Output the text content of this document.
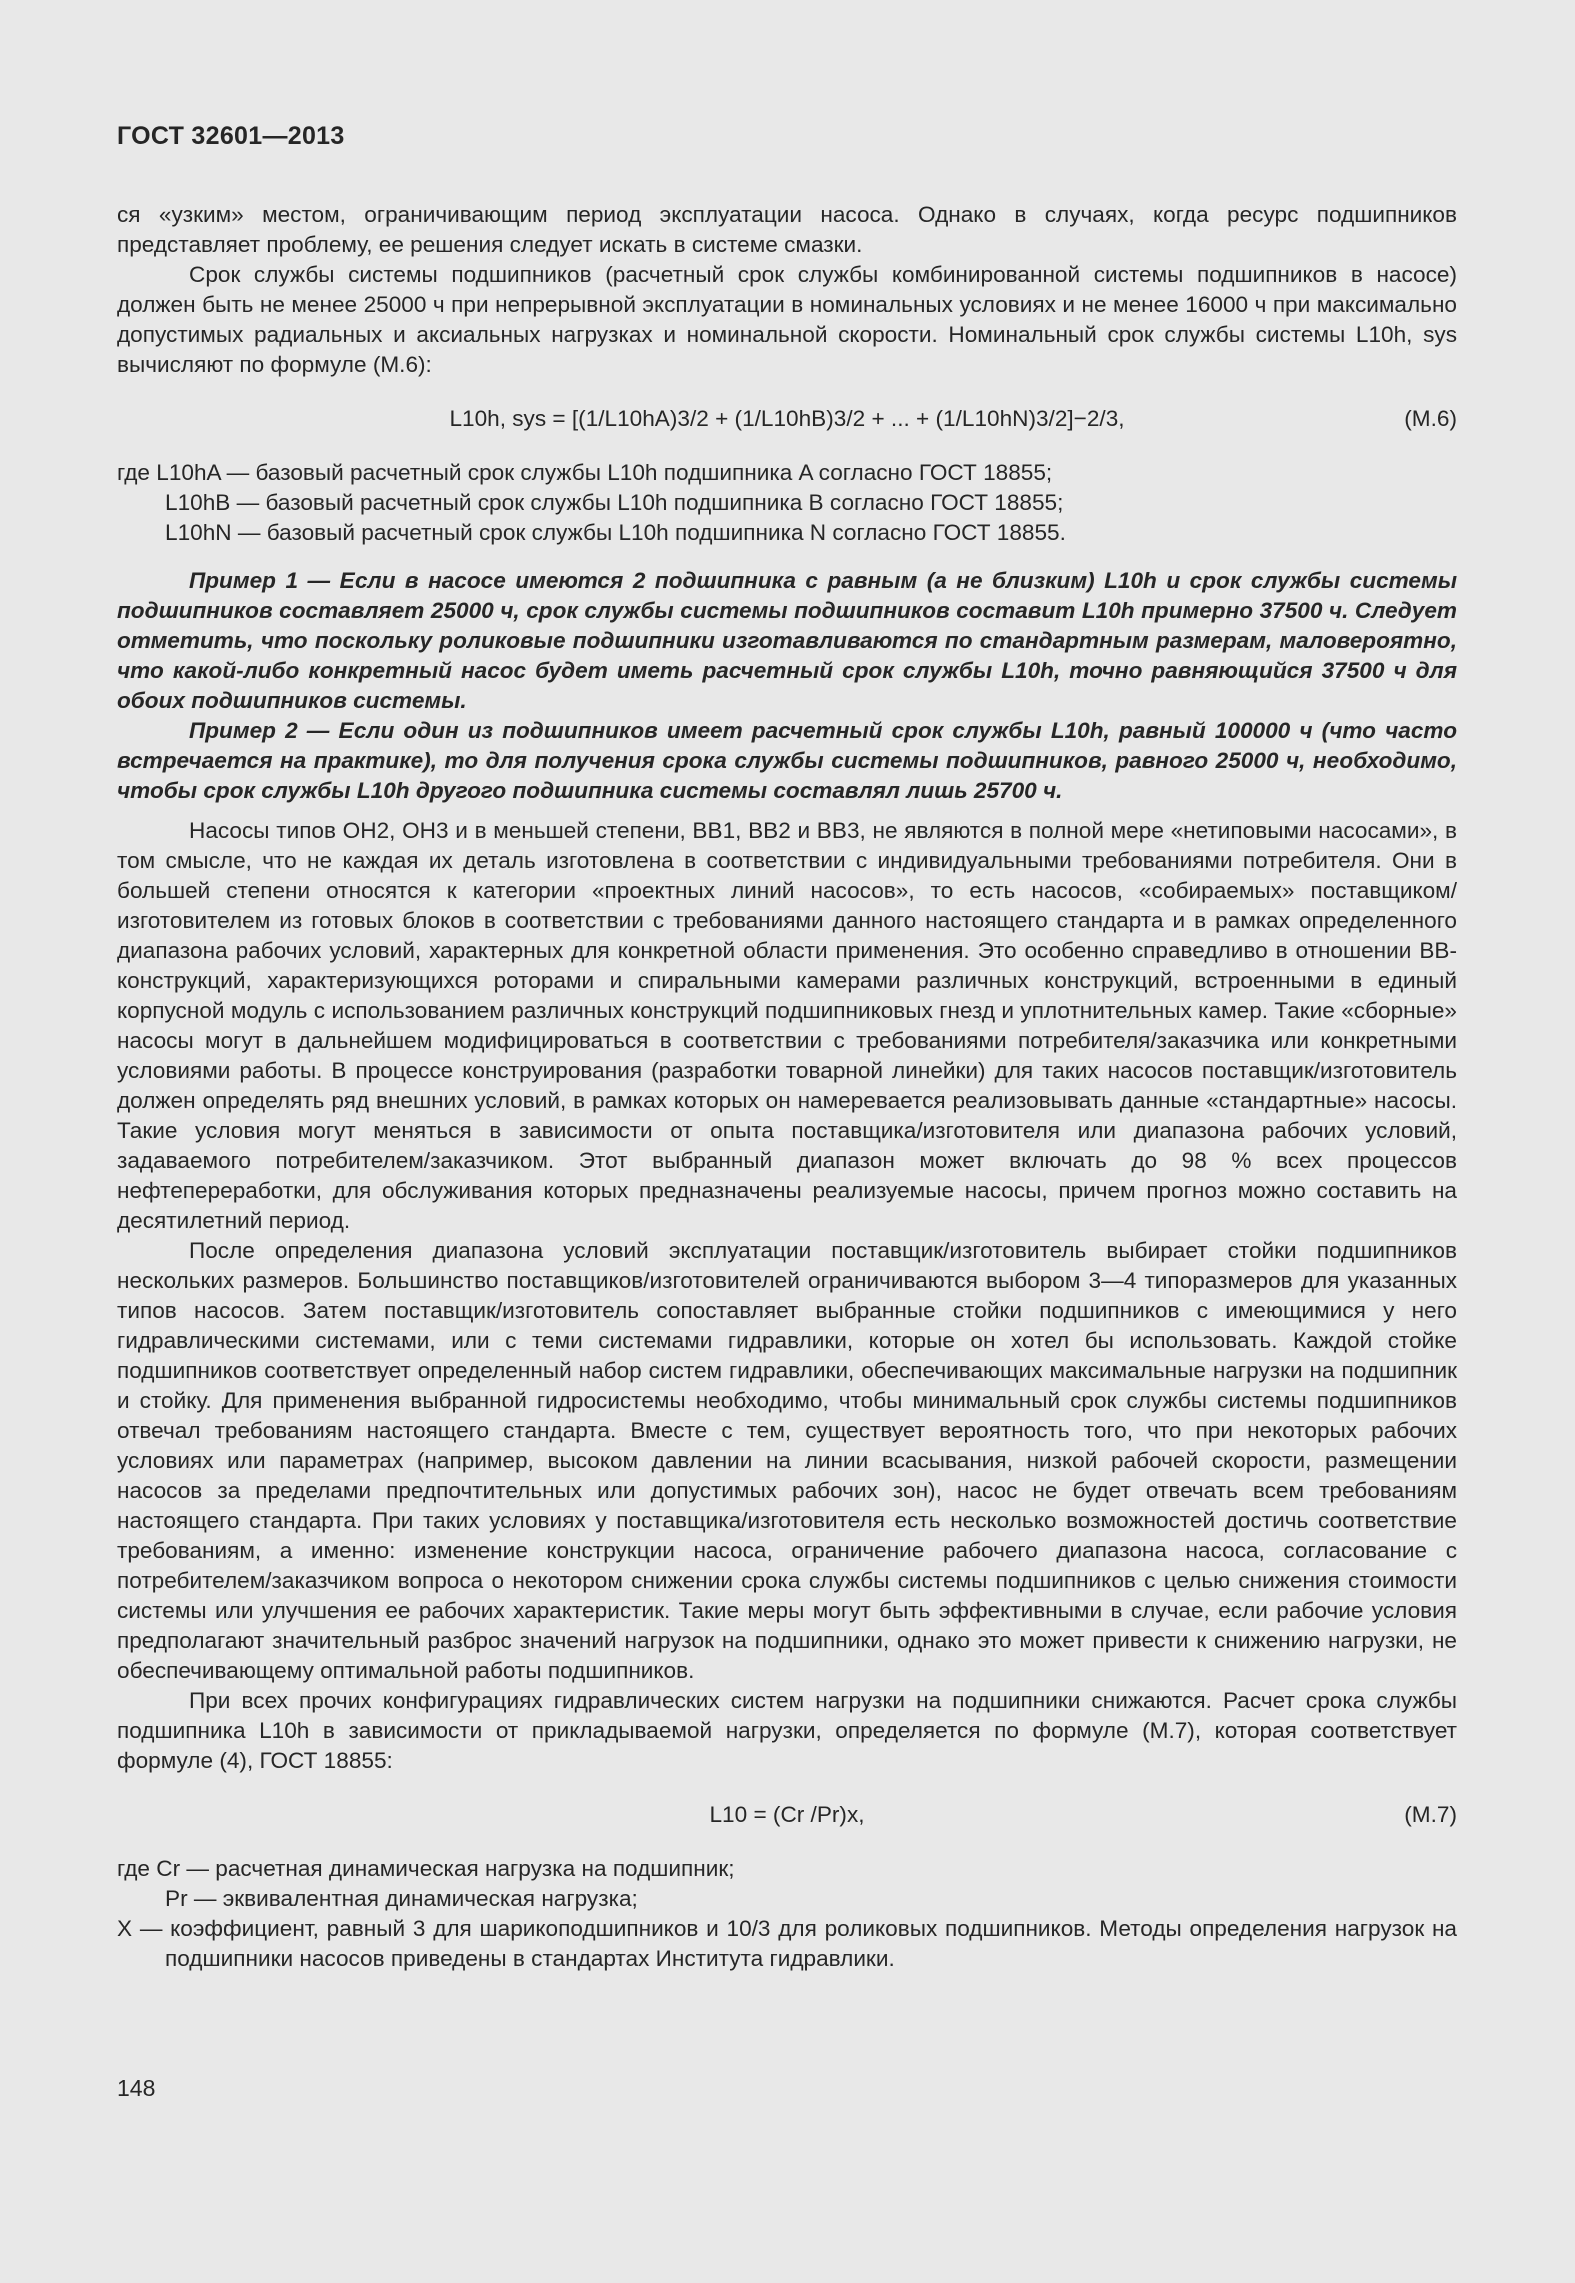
ГОСТ 32601—2013
ся «узким» местом, ограничивающим период эксплуатации насоса. Однако в случаях, когда ресурс подшипников представляет проблему, ее решения следует искать в системе смазки.
Срок службы системы подшипников (расчетный срок службы комбинированной системы подшипников в насосе) должен быть не менее 25000 ч при непрерывной эксплуатации в номинальных условиях и не менее 16000 ч при максимально допустимых радиальных и аксиальных нагрузках и номинальной скорости. Номинальный срок службы системы L10h, sys вычисляют по формуле (М.6):
L10h, sys = [(1/L10hA)3/2 + (1/L10hB)3/2 + ... + (1/L10hN)3/2]−2/3,	(М.6)
где L10hA — базовый расчетный срок службы L10h подшипника A согласно ГОСТ 18855;
L10hB — базовый расчетный срок службы L10h подшипника B согласно ГОСТ 18855;
L10hN — базовый расчетный срок службы L10h подшипника N согласно ГОСТ 18855.
Пример 1 — Если в насосе имеются 2 подшипника с равным (а не близким) L10h и срок службы системы подшипников составляет 25000 ч, срок службы системы подшипников составит L10h примерно 37500 ч. Следует отметить, что поскольку роликовые подшипники изготавливаются по стандартным размерам, маловероятно, что какой-либо конкретный насос будет иметь расчетный срок службы L10h, точно равняющийся 37500 ч для обоих подшипников системы.
Пример 2 — Если один из подшипников имеет расчетный срок службы L10h, равный 100000 ч (что часто встречается на практике), то для получения срока службы системы подшипников, равного 25000 ч, необходимо, чтобы срок службы L10h другого подшипника системы составлял лишь 25700 ч.
Насосы типов ОН2, ОН3 и в меньшей степени, ВВ1, ВВ2 и ВВ3, не являются в полной мере «нетиповыми насосами», в том смысле, что не каждая их деталь изготовлена в соответствии с индивидуальными требованиями потребителя. Они в большей степени относятся к категории «проектных линий насосов», то есть насосов, «собираемых» поставщиком/изготовителем из готовых блоков в соответствии с требованиями данного настоящего стандарта и в рамках определенного диапазона рабочих условий, характерных для конкретной области применения. Это особенно справедливо в отношении ВВ-конструкций, характеризующихся роторами и спиральными камерами различных конструкций, встроенными в единый корпусной модуль с использованием различных конструкций подшипниковых гнезд и уплотнительных камер. Такие «сборные» насосы могут в дальнейшем модифицироваться в соответствии с требованиями потребителя/заказчика или конкретными условиями работы. В процессе конструирования (разработки товарной линейки) для таких насосов поставщик/изготовитель должен определять ряд внешних условий, в рамках которых он намеревается реализовывать данные «стандартные» насосы. Такие условия могут меняться в зависимости от опыта поставщика/изготовителя или диапазона рабочих условий, задаваемого потребителем/заказчиком. Этот выбранный диапазон может включать до 98 % всех процессов нефтепереработки, для обслуживания которых предназначены реализуемые насосы, причем прогноз можно составить на десятилетний период.
После определения диапазона условий эксплуатации поставщик/изготовитель выбирает стойки подшипников нескольких размеров. Большинство поставщиков/изготовителей ограничиваются выбором 3—4 типоразмеров для указанных типов насосов. Затем поставщик/изготовитель сопоставляет выбранные стойки подшипников с имеющимися у него гидравлическими системами, или с теми системами гидравлики, которые он хотел бы использовать. Каждой стойке подшипников соответствует определенный набор систем гидравлики, обеспечивающих максимальные нагрузки на подшипник и стойку. Для применения выбранной гидросистемы необходимо, чтобы минимальный срок службы системы подшипников отвечал требованиям настоящего стандарта. Вместе с тем, существует вероятность того, что при некоторых рабочих условиях или параметрах (например, высоком давлении на линии всасывания, низкой рабочей скорости, размещении насосов за пределами предпочтительных или допустимых рабочих зон), насос не будет отвечать всем требованиям настоящего стандарта. При таких условиях у поставщика/изготовителя есть несколько возможностей достичь соответствие требованиям, а именно: изменение конструкции насоса, ограничение рабочего диапазона насоса, согласование с потребителем/заказчиком вопроса о некотором снижении срока службы системы подшипников с целью снижения стоимости системы или улучшения ее рабочих характеристик. Такие меры могут быть эффективными в случае, если рабочие условия предполагают значительный разброс значений нагрузок на подшипники, однако это может привести к снижению нагрузки, не обеспечивающему оптимальной работы подшипников.
При всех прочих конфигурациях гидравлических систем нагрузки на подшипники снижаются. Расчет срока службы подшипника L10h в зависимости от прикладываемой нагрузки, определяется по формуле (М.7), которая соответствует формуле (4), ГОСТ 18855:
L10 = (Cr /Pr)x,	(М.7)
где Cr — расчетная динамическая нагрузка на подшипник;
Pr — эквивалентная динамическая нагрузка;
X — коэффициент, равный 3 для шарикоподшипников и 10/3 для роликовых подшипников. Методы определения нагрузок на подшипники насосов приведены в стандартах Института гидравлики.
148
